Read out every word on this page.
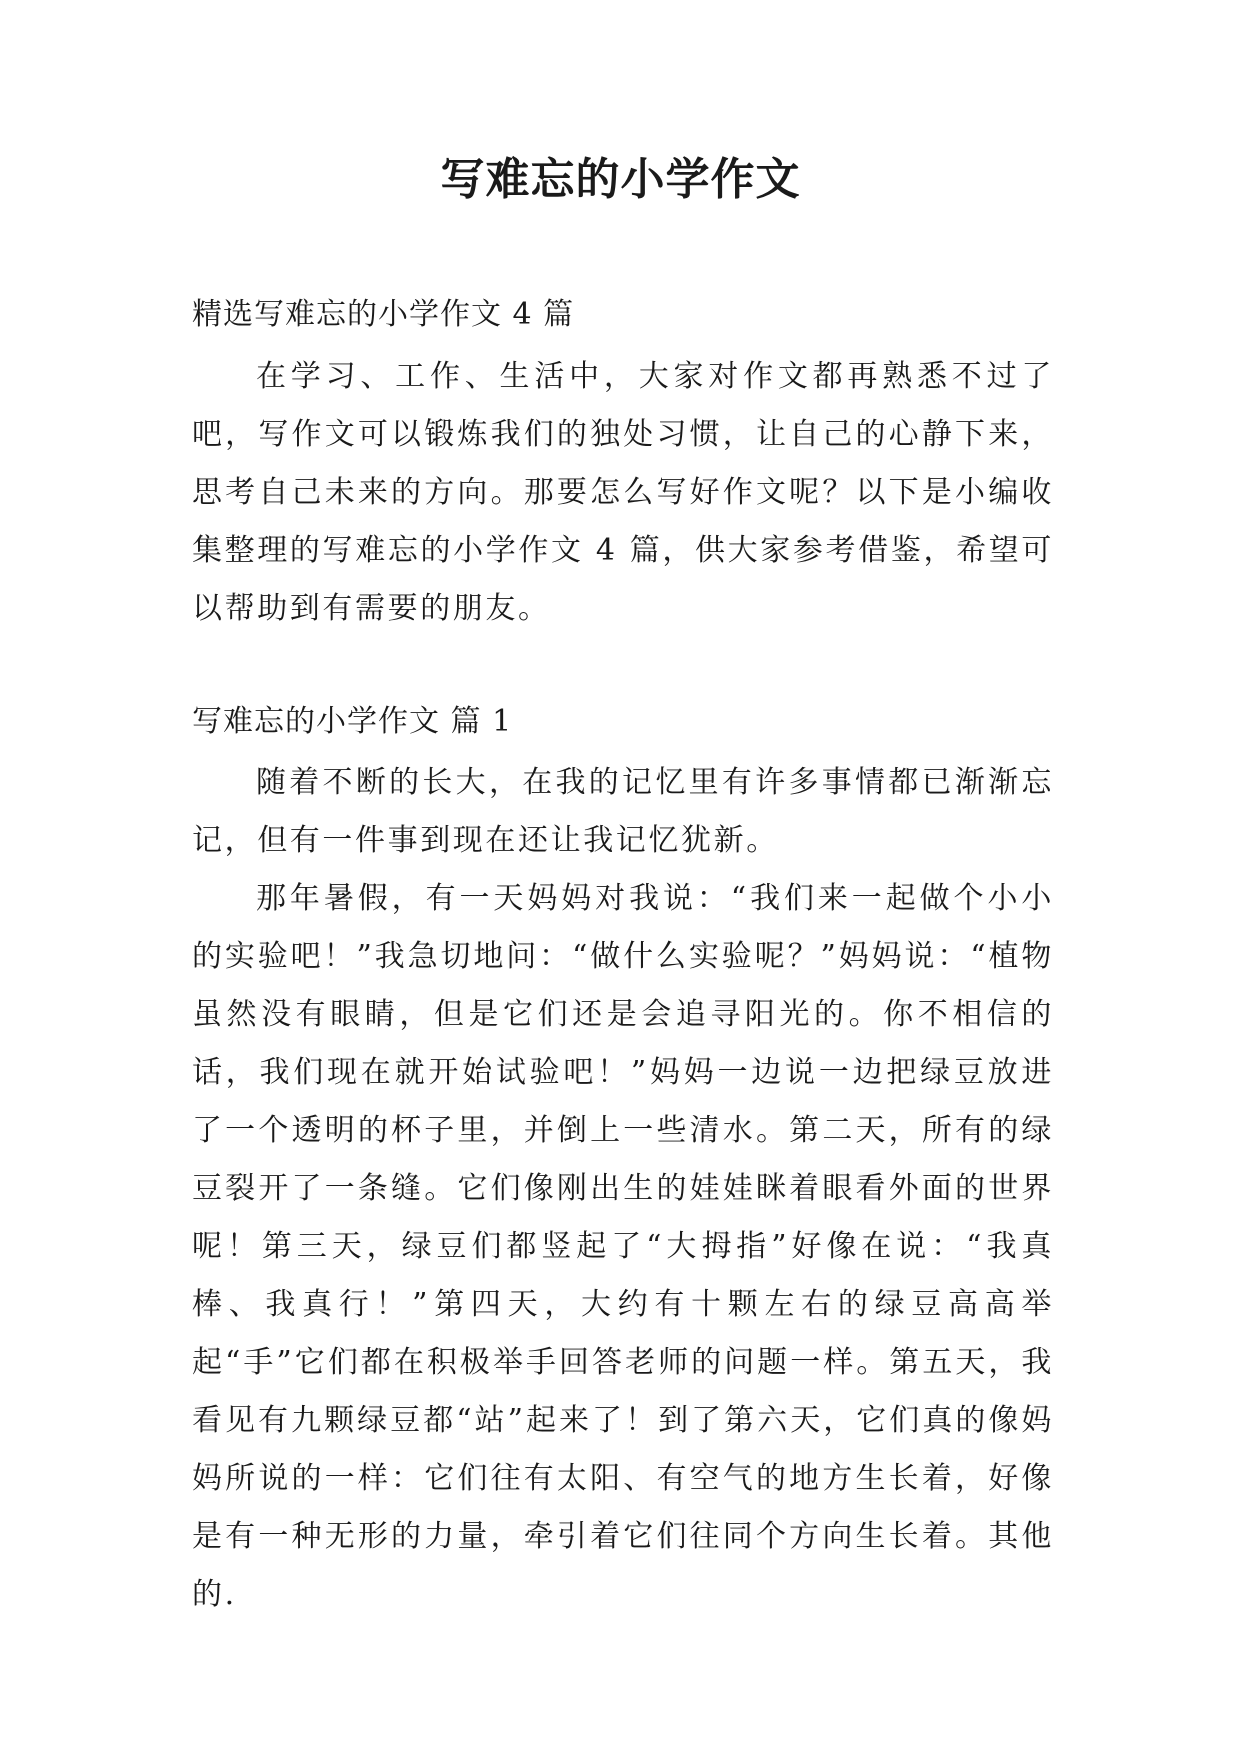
写难忘的小学作文
精选写难忘的小学作文 4 篇

在学习、工作、生活中，大家对作文都再熟悉不过了吧，写作文可以锻炼我们的独处习惯，让自己的心静下来，思考自己未来的方向。那要怎么写好作文呢？以下是小编收集整理的写难忘的小学作文 4 篇，供大家参考借鉴，希望可以帮助到有需要的朋友。

写难忘的小学作文 篇 1

随着不断的长大，在我的记忆里有许多事情都已渐渐忘记，但有一件事到现在还让我记忆犹新。

那年暑假，有一天妈妈对我说：“我们来一起做个小小的实验吧！”我急切地问：“做什么实验呢？”妈妈说：“植物虽然没有眼睛，但是它们还是会追寻阳光的。你不相信的话，我们现在就开始试验吧！”妈妈一边说一边把绿豆放进了一个透明的杯子里，并倒上一些清水。第二天，所有的绿豆裂开了一条缝。它们像刚出生的娃娃眯着眼看外面的世界呢！第三天，绿豆们都竖起了“大拇指”好像在说：“我真棒、我真行！”第四天，大约有十颗左右的绿豆高高举起“手”它们都在积极举手回答老师的问题一样。第五天，我看见有九颗绿豆都“站”起来了！到了第六天，它们真的像妈妈所说的一样：它们往有太阳、有空气的地方生长着，好像是有一种无形的力量，牵引着它们往同个方向生长着。其他的.
